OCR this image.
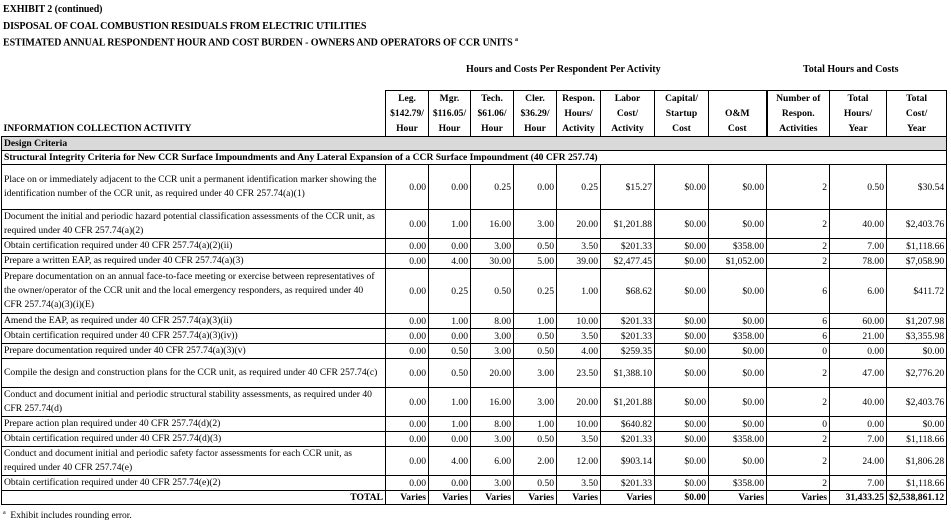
EXHIBIT 2 (continued)
DISPOSAL OF COAL COMBUSTION RESIDUALS FROM ELECTRIC UTILITIES
ESTIMATED ANNUAL RESPONDENT HOUR AND COST BURDEN - OWNERS AND OPERATORS OF CCR UNITS $^a$
Hours and Costs Per Respondent Per Activity	Total Hours and Costs
INFORMATION COLLECTION ACTIVITY	Leg.
$142.79/
Hour	Mgr.
$116.05/
Hour	Tech.
$61.06/
Hour	Cler.
$36.29/
Hour	Respon.
Hours/
Activity	Labor
Cost/
Activity	Capital/
Startup
Cost	O&M
Cost	Number of
Respon.
Activities	Total
Hours/
Year	Total
Cost/
Year

Design Criteria											
Structural Integrity Criteria for New CCR Surface Impoundments and Any Lateral Expansion of a CCR Surface Impoundment (40 CFR 257.74)											
Place on or immediately adjacent to the CCR unit a permanent identification marker showing the identification number of the CCR unit, as required under 40 CFR 257.74(a)(1)	0.00	0.00	0.25	0.00	0.25	$15.27	$0.00	$0.00	2	0.50	$30.54
Document the initial and periodic hazard potential classification assessments of the CCR unit, as required under 40 CFR 257.74(a)(2)	0.00	1.00	16.00	3.00	20.00	$1,201.88	$0.00	$0.00	2	40.00	$2,403.76
Obtain certification required under 40 CFR 257.74(a)(2)(ii)	0.00	0.00	3.00	0.50	3.50	$201.33	$0.00	$358.00	2	7.00	$1,118.66
Prepare a written EAP, as required under 40 CFR 257.74(a)(3)	0.00	4.00	30.00	5.00	39.00	$2,477.45	$0.00	$1,052.00	2	78.00	$7,058.90
Prepare documentation on an annual face-to-face meeting or exercise between representatives of the owner/operator of the CCR unit and the local emergency responders, as required under 40 CFR 257.74(a)(3)(i)(E)	0.00	0.25	0.50	0.25	1.00	$68.62	$0.00	$0.00	6	6.00	$411.72
Amend the EAP, as required under 40 CFR 257.74(a)(3)(ii)	0.00	1.00	8.00	1.00	10.00	$201.33	$0.00	$0.00	6	60.00	$1,207.98
Obtain certification required under 40 CFR 257.74(a)(3)(iv))	0.00	0.00	3.00	0.50	3.50	$201.33	$0.00	$358.00	6	21.00	$3,355.98
Prepare documentation required under 40 CFR 257.74(a)(3)(v)	0.00	0.50	3.00	0.50	4.00	$259.35	$0.00	$0.00	0	0.00	$0.00
Compile the design and construction plans for the CCR unit, as required under 40 CFR 257.74(c)	0.00	0.50	20.00	3.00	23.50	$1,388.10	$0.00	$0.00	2	47.00	$2,776.20
Conduct and document initial and periodic structural stability assessments, as required under 40 CFR 257.74(d)	0.00	1.00	16.00	3.00	20.00	$1,201.88	$0.00	$0.00	2	40.00	$2,403.76
Prepare action plan required under 40 CFR 257.74(d)(2)	0.00	1.00	8.00	1.00	10.00	$640.82	$0.00	$0.00	0	0.00	$0.00
Obtain certification required under 40 CFR 257.74(d)(3)	0.00	0.00	3.00	0.50	3.50	$201.33	$0.00	$358.00	2	7.00	$1,118.66
Conduct and document initial and periodic safety factor assessments for each CCR unit, as required under 40 CFR 257.74(e)	0.00	4.00	6.00	2.00	12.00	$903.14	$0.00	$0.00	2	24.00	$1,806.28
Obtain certification required under 40 CFR 257.74(e)(2)	0.00	0.00	3.00	0.50	3.50	$201.33	$0.00	$358.00	2	7.00	$1,118.66
TOTAL	Varies	Varies	Varies	Varies	Varies	Varies	$0.00	Varies	Varies	31,433.25	$2,538,861.12
$^a$ Exhibit includes rounding error.
